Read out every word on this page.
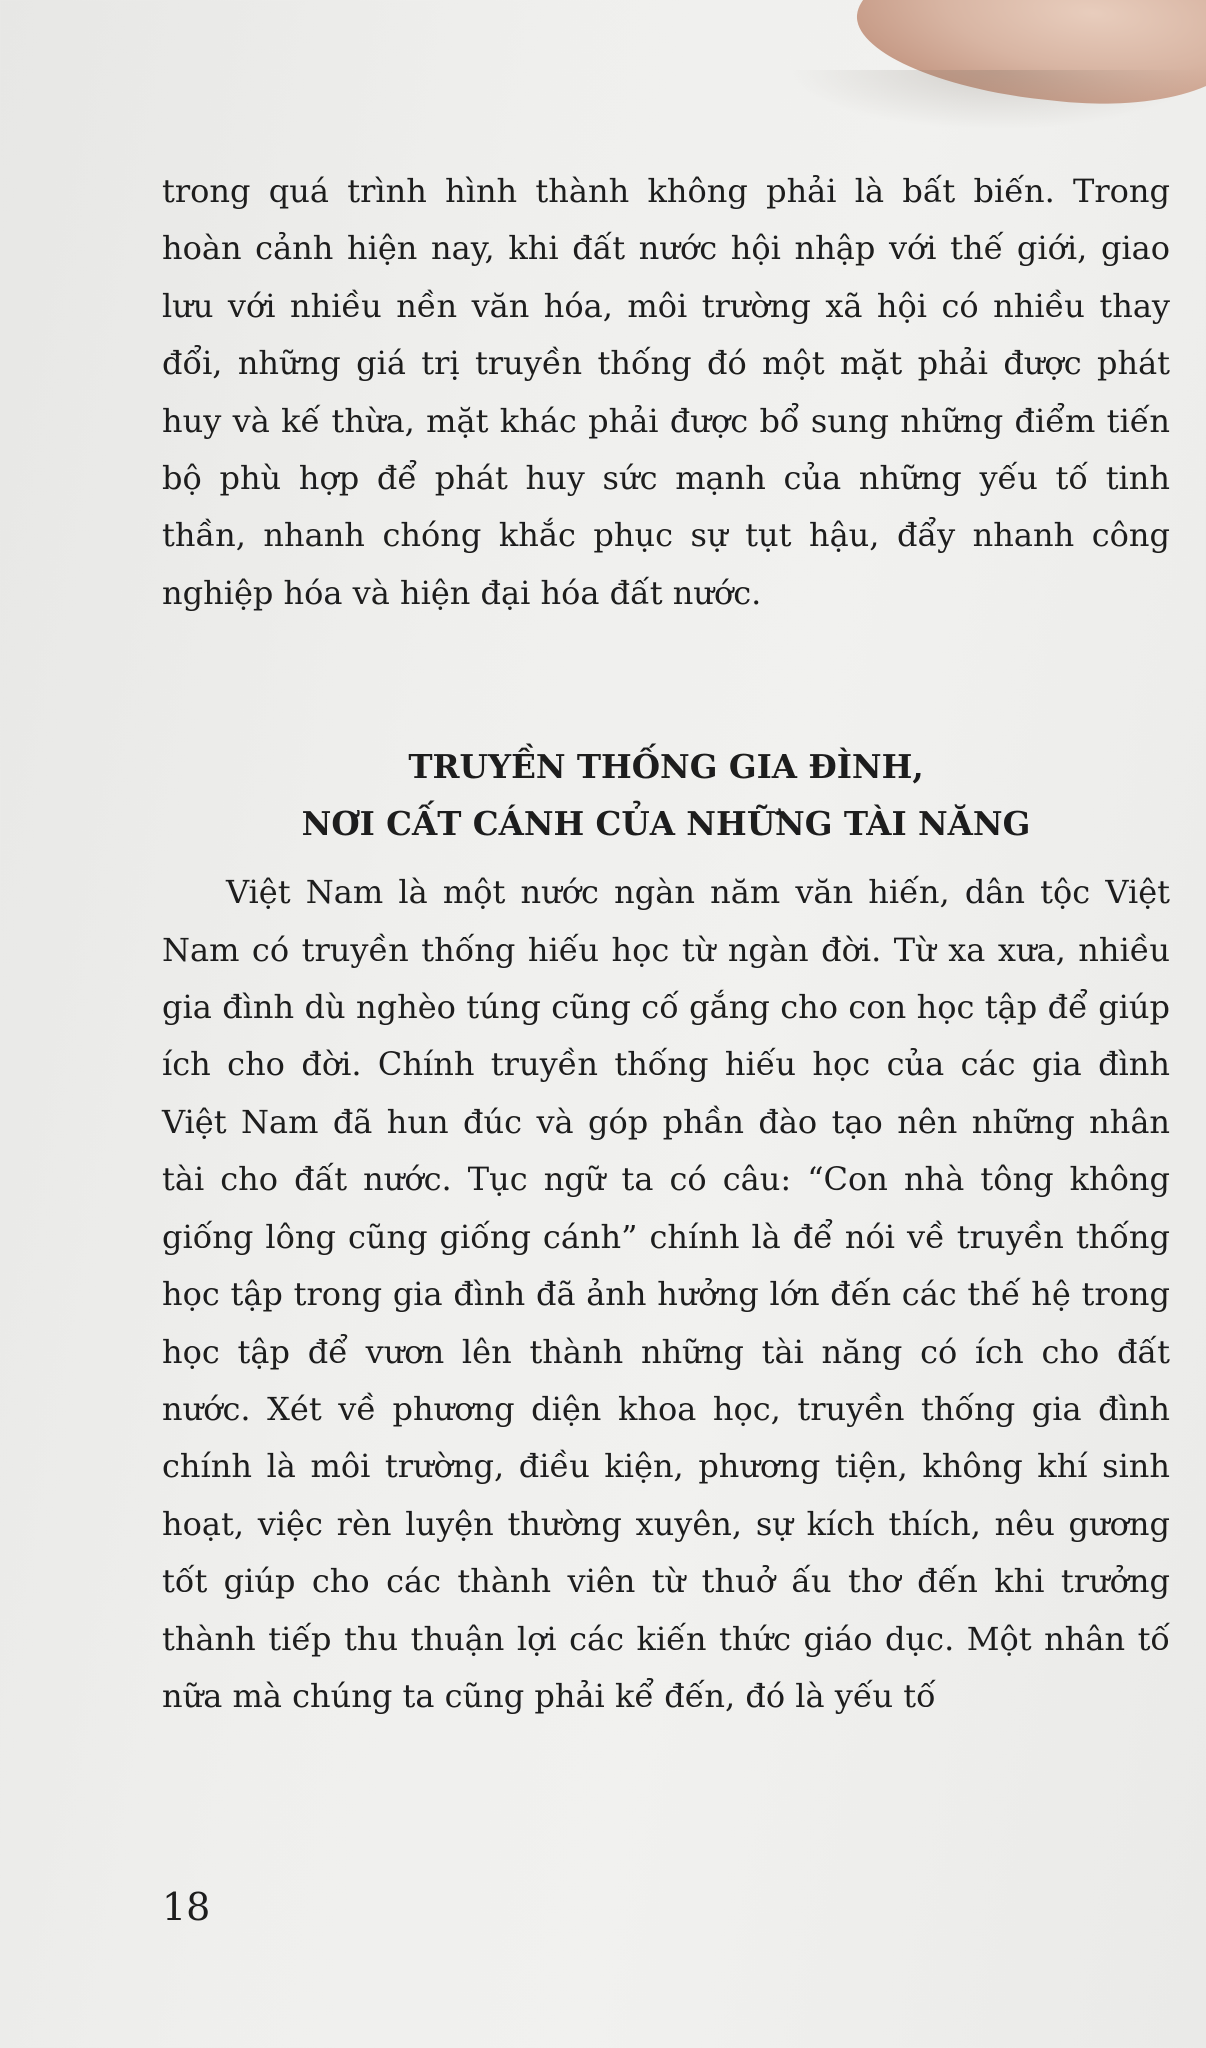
trong quá trình hình thành không phải là bất biến. Trong hoàn cảnh hiện nay, khi đất nước hội nhập với thế giới, giao lưu với nhiều nền văn hóa, môi trường xã hội có nhiều thay đổi, những giá trị truyền thống đó một mặt phải được phát huy và kế thừa, mặt khác phải được bổ sung những điểm tiến bộ phù hợp để phát huy sức mạnh của những yếu tố tinh thần, nhanh chóng khắc phục sự tụt hậu, đẩy nhanh công nghiệp hóa và hiện đại hóa đất nước.

TRUYỀN THỐNG GIA ĐÌNH,

NƠI CẤT CÁNH CỦA NHỮNG TÀI NĂNG

Việt Nam là một nước ngàn năm văn hiến, dân tộc Việt Nam có truyền thống hiếu học từ ngàn đời. Từ xa xưa, nhiều gia đình dù nghèo túng cũng cố gắng cho con học tập để giúp ích cho đời. Chính truyền thống hiếu học của các gia đình Việt Nam đã hun đúc và góp phần đào tạo nên những nhân tài cho đất nước. Tục ngữ ta có câu: “Con nhà tông không giống lông cũng giống cánh” chính là để nói về truyền thống học tập trong gia đình đã ảnh hưởng lớn đến các thế hệ trong học tập để vươn lên thành những tài năng có ích cho đất nước. Xét về phương diện khoa học, truyền thống gia đình chính là môi trường, điều kiện, phương tiện, không khí sinh hoạt, việc rèn luyện thường xuyên, sự kích thích, nêu gương tốt giúp cho các thành viên từ thuở ấu thơ đến khi trưởng thành tiếp thu thuận lợi các kiến thức giáo dục. Một nhân tố nữa mà chúng ta cũng phải kể đến, đó là yếu tố

18
